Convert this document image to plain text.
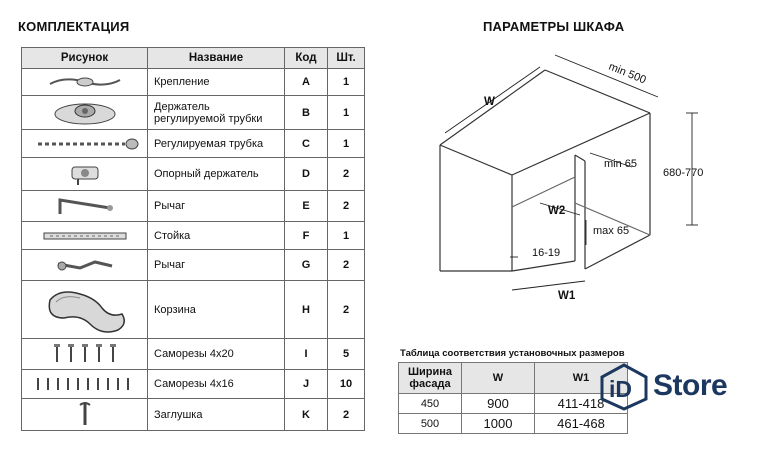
КОМПЛЕКТАЦИЯ	ПАРАМЕТРЫ ШКАФА
Рисунок	Название	Код	Шт.

	Крепление	A	1

	Держатель регулируемой трубки	B	1

	Регулируемая трубка	C	1

	Опорный держатель	D	2

	Рычаг	E	2

	Стойка	F	1

	Рычаг	G	2

	Корзина	H	2

	Саморезы 4х20	I	5

	Саморезы 4х16	J	10

	Заглушка	K	2
W
min 500
680-770
min 65
W2
max 65
16-19
W1
Таблица соответствия установочных размеров
Ширина
фасада	W	W1
450	900	411-418
500	1000	461-468
iD Store
